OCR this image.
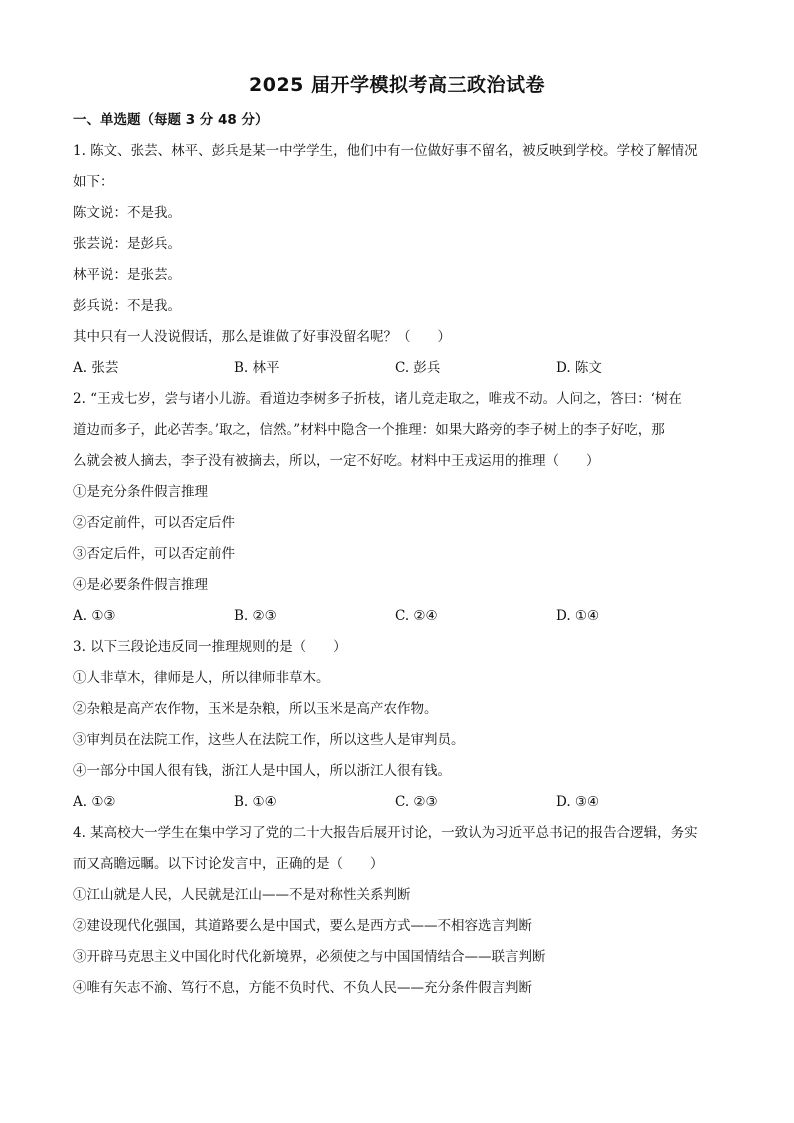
2025 届开学模拟考高三政治试卷
一、单选题（每题 3 分 48 分）
1. 陈文、张芸、林平、彭兵是某一中学学生，他们中有一位做好事不留名，被反映到学校。学校了解情况
如下：
陈文说：不是我。
张芸说：是彭兵。
林平说：是张芸。
彭兵说：不是我。
其中只有一人没说假话，那么是谁做了好事没留名呢？（　　）
A. 张芸	B. 林平	C. 彭兵	D. 陈文
2. “王戎七岁，尝与诸小儿游。看道边李树多子折枝，诸儿竞走取之，唯戎不动。人问之，答曰：‘树在
道边而多子，此必苦李。’取之，信然。”材料中隐含一个推理：如果大路旁的李子树上的李子好吃，那
么就会被人摘去，李子没有被摘去，所以，一定不好吃。材料中王戎运用的推理（　　）
①是充分条件假言推理
②否定前件，可以否定后件
③否定后件，可以否定前件
④是必要条件假言推理
A. ①③	B. ②③	C. ②④	D. ①④
3. 以下三段论违反同一推理规则的是（　　）
①人非草木，律师是人，所以律师非草木。
②杂粮是高产农作物，玉米是杂粮，所以玉米是高产农作物。
③审判员在法院工作，这些人在法院工作，所以这些人是审判员。
④一部分中国人很有钱，浙江人是中国人，所以浙江人很有钱。
A. ①②	B. ①④	C. ②③	D. ③④
4. 某高校大一学生在集中学习了党的二十大报告后展开讨论，一致认为习近平总书记的报告合逻辑，务实
而又高瞻远瞩。以下讨论发言中，正确的是（　　）
①江山就是人民，人民就是江山——不是对称性关系判断
②建设现代化强国，其道路要么是中国式，要么是西方式——不相容选言判断
③开辟马克思主义中国化时代化新境界，必须使之与中国国情结合——联言判断
④唯有矢志不渝、笃行不息，方能不负时代、不负人民——充分条件假言判断
